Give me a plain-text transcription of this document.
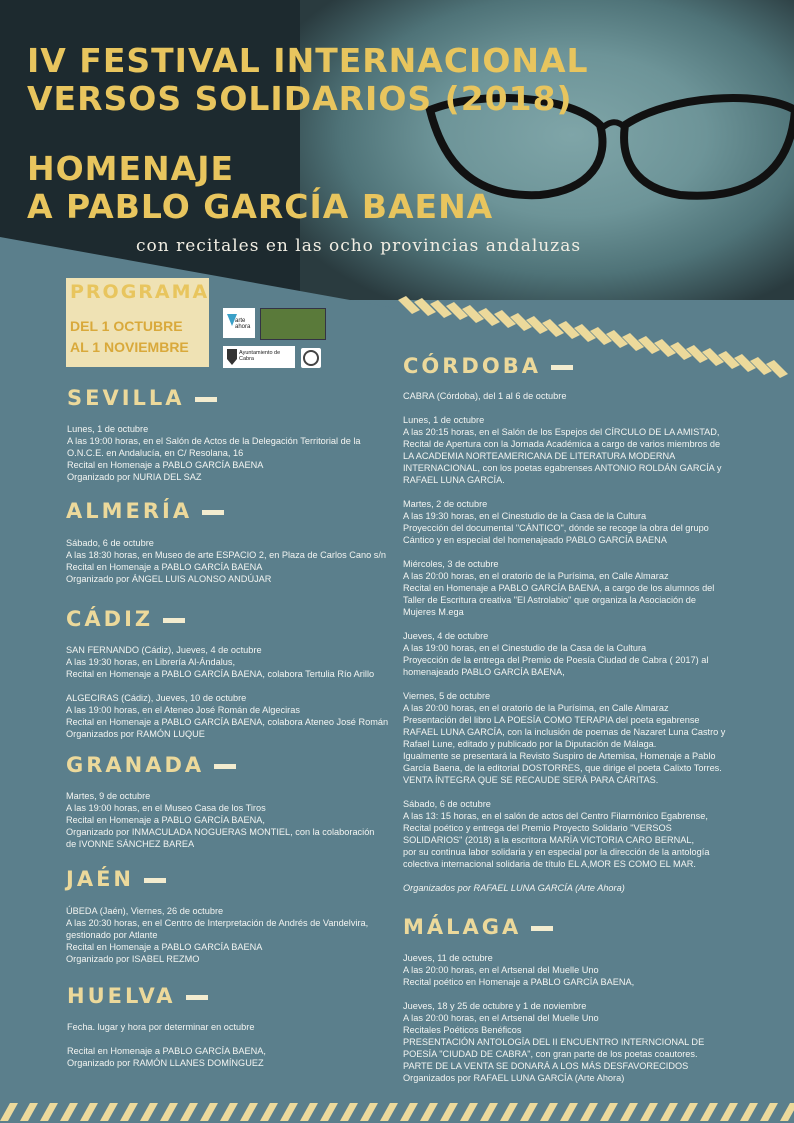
IV FESTIVAL INTERNACIONAL
VERSOS SOLIDARIOS (2018)
HOMENAJE
A PABLO GARCÍA BAENA

con recitales en las ocho provincias andaluzas

PROGRAMA
DEL 1 OCTUBRE
AL 1 NOVIEMBRE
arte ahora
Ayuntamiento de Cabra
SEVILLA

Lunes, 1 de octubre

A las 19:00 horas, en el Salón de Actos de la Delegación Territorial de la

O.N.C.E. en Andalucía, en C/ Resolana, 16

Recital en Homenaje a PABLO GARCÍA BAENA

Organizado por NURIA DEL SAZ

ALMERÍA

Sábado, 6 de octubre

A las 18:30 horas, en Museo de arte ESPACIO 2, en Plaza de Carlos Cano s/n

Recital en Homenaje a PABLO GARCÍA BAENA

Organizado por ÁNGEL LUIS ALONSO ANDÚJAR

CÁDIZ

SAN FERNANDO (Cádiz), Jueves, 4 de octubre

A las 19:30 horas, en Librería Al-Ándalus,

Recital en Homenaje a PABLO GARCÍA BAENA, colabora Tertulia Río Arillo

ALGECIRAS (Cádiz), Jueves, 10 de octubre

A las 19:00 horas, en el Ateneo José Román de Algeciras

Recital en Homenaje a PABLO GARCÍA BAENA, colabora Ateneo José Román

Organizados por RAMÓN LUQUE

GRANADA

Martes, 9 de octubre

A las 19:00 horas, en el Museo Casa de los Tiros

Recital en Homenaje a PABLO GARCÍA BAENA,

Organizado por INMACULADA NOGUERAS MONTIEL, con la colaboración

de IVONNE SÁNCHEZ BAREA

JAÉN

ÚBEDA (Jaén), Viernes, 26 de octubre

A las 20:30 horas, en el Centro de Interpretación de Andrés de Vandelvira,

gestionado por Atlante

Recital en Homenaje a PABLO GARCÍA BAENA

Organizado por ISABEL REZMO

HUELVA

Fecha. lugar y hora por determinar en octubre

Recital en Homenaje a PABLO GARCÍA BAENA,

Organizado por RAMÓN LLANES DOMÍNGUEZ

CÓRDOBA

CABRA (Córdoba), del 1 al 6 de octubre

Lunes, 1 de octubre

A las 20:15 horas, en el Salón de los Espejos del CÍRCULO DE LA AMISTAD,

Recital de Apertura con la Jornada Académica a cargo de varios miembros de

LA ACADEMIA NORTEAMERICANA DE LITERATURA MODERNA

INTERNACIONAL, con los poetas egabrenses ANTONIO ROLDÁN GARCÍA y

RAFAEL LUNA GARCÍA.

Martes, 2 de octubre

A las 19:30 horas, en el Cinestudio de la Casa de la Cultura

Proyección del documental "CÁNTICO", dónde se recoge la obra del grupo

Cántico y en especial del homenajeado PABLO GARCÍA BAENA

Miércoles, 3 de octubre

A las 20:00 horas, en el oratorio de la Purísima, en Calle Almaraz

Recital en Homenaje a PABLO GARCÍA BAENA, a cargo de los alumnos del

Taller de Escritura creativa "El Astrolabio" que organiza la Asociación de

Mujeres M.ega

Jueves, 4 de octubre

A las 19:00 horas, en el Cinestudio de la Casa de la Cultura

Proyección de la entrega del Premio de Poesía Ciudad de Cabra ( 2017) al

homenajeado PABLO GARCÍA BAENA,

Viernes, 5 de octubre

A las 20:00 horas, en el oratorio de la Purísima, en Calle Almaraz

Presentación del libro LA POESÍA COMO TERAPIA del poeta egabrense

RAFAEL LUNA GARCÍA, con la inclusión de poemas de Nazaret Luna Castro y

Rafael Lune, editado y publicado por la Diputación de Málaga.

Igualmente se presentará la Revisto Suspiro de Artemisa, Homenaje a Pablo

García Baena, de la editorial DOSTORRES, que dirige el poeta Calixto Torres.

VENTA ÍNTEGRA QUE SE RECAUDE SERÁ PARA CÁRITAS.

Sábado, 6 de octubre

A las 13: 15 horas, en el salón de actos del Centro Filarmónico Egabrense,

Recital poético y entrega del Premio Proyecto Solidario "VERSOS

SOLIDARIOS" (2018) a la escritora MARÍA VICTORIA CARO BERNAL,

por su continua labor solidaria y en especial por la dirección de la antología

colectiva internacional solidaria de título EL A,MOR ES COMO EL MAR.

Organizados por RAFAEL LUNA GARCÍA (Arte Ahora)

MÁLAGA

Jueves, 11 de octubre

A las 20:00 horas, en el Artsenal del Muelle Uno

Recital poético en Homenaje a PABLO GARCÍA BAENA,

Jueves, 18 y 25 de octubre y 1 de noviembre

A las 20:00 horas, en el Artsenal del Muelle Uno

Recitales Poéticos Benéficos

PRESENTACIÓN ANTOLOGÍA DEL II ENCUENTRO INTERNCIONAL DE

POESÍA "CIUDAD DE CABRA", con gran parte de los poetas coautores.

PARTE DE LA VENTA SE DONARÁ A LOS MÁS DESFAVORECIDOS

Organizados por RAFAEL LUNA GARCÍA (Arte Ahora)
